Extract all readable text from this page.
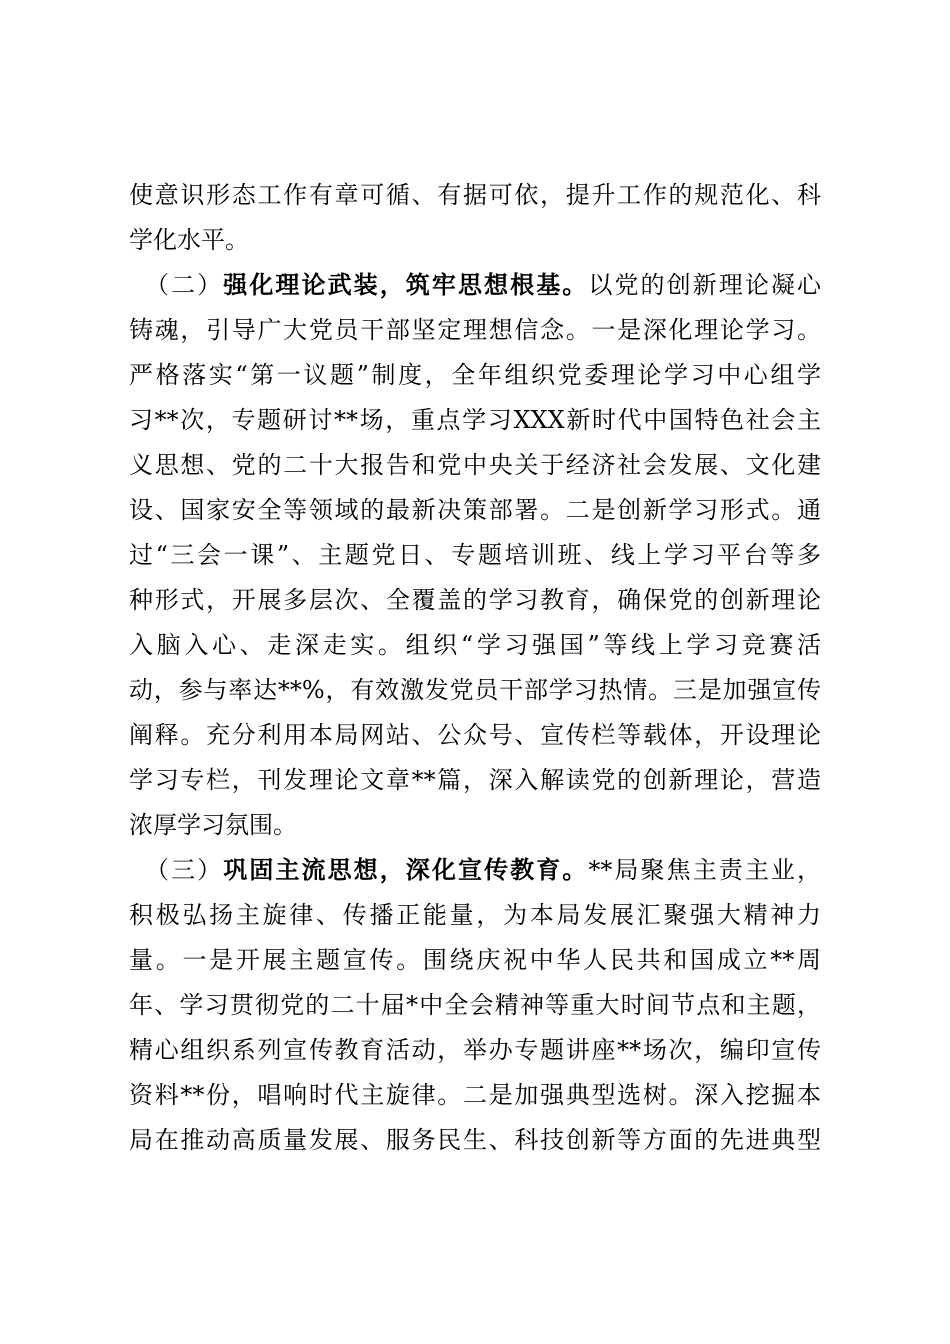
使意识形态工作有章可循、有据可依，提升工作的规范化、科
学化水平。
（二）强化理论武装，筑牢思想根基。以党的创新理论凝心
铸魂，引导广大党员干部坚定理想信念。一是深化理论学习。
严格落实“第一议题”制度，全年组织党委理论学习中心组学
习**次，专题研讨**场，重点学习XXX新时代中国特色社会主
义思想、党的二十大报告和党中央关于经济社会发展、文化建
设、国家安全等领域的最新决策部署。二是创新学习形式。通
过“三会一课”、主题党日、专题培训班、线上学习平台等多
种形式，开展多层次、全覆盖的学习教育，确保党的创新理论
入脑入心、走深走实。组织“学习强国”等线上学习竞赛活
动，参与率达**%，有效激发党员干部学习热情。三是加强宣传
阐释。充分利用本局网站、公众号、宣传栏等载体，开设理论
学习专栏，刊发理论文章**篇，深入解读党的创新理论，营造
浓厚学习氛围。
（三）巩固主流思想，深化宣传教育。**局聚焦主责主业，
积极弘扬主旋律、传播正能量，为本局发展汇聚强大精神力
量。一是开展主题宣传。围绕庆祝中华人民共和国成立**周
年、学习贯彻党的二十届*中全会精神等重大时间节点和主题，
精心组织系列宣传教育活动，举办专题讲座**场次，编印宣传
资料**份，唱响时代主旋律。二是加强典型选树。深入挖掘本
局在推动高质量发展、服务民生、科技创新等方面的先进典型
